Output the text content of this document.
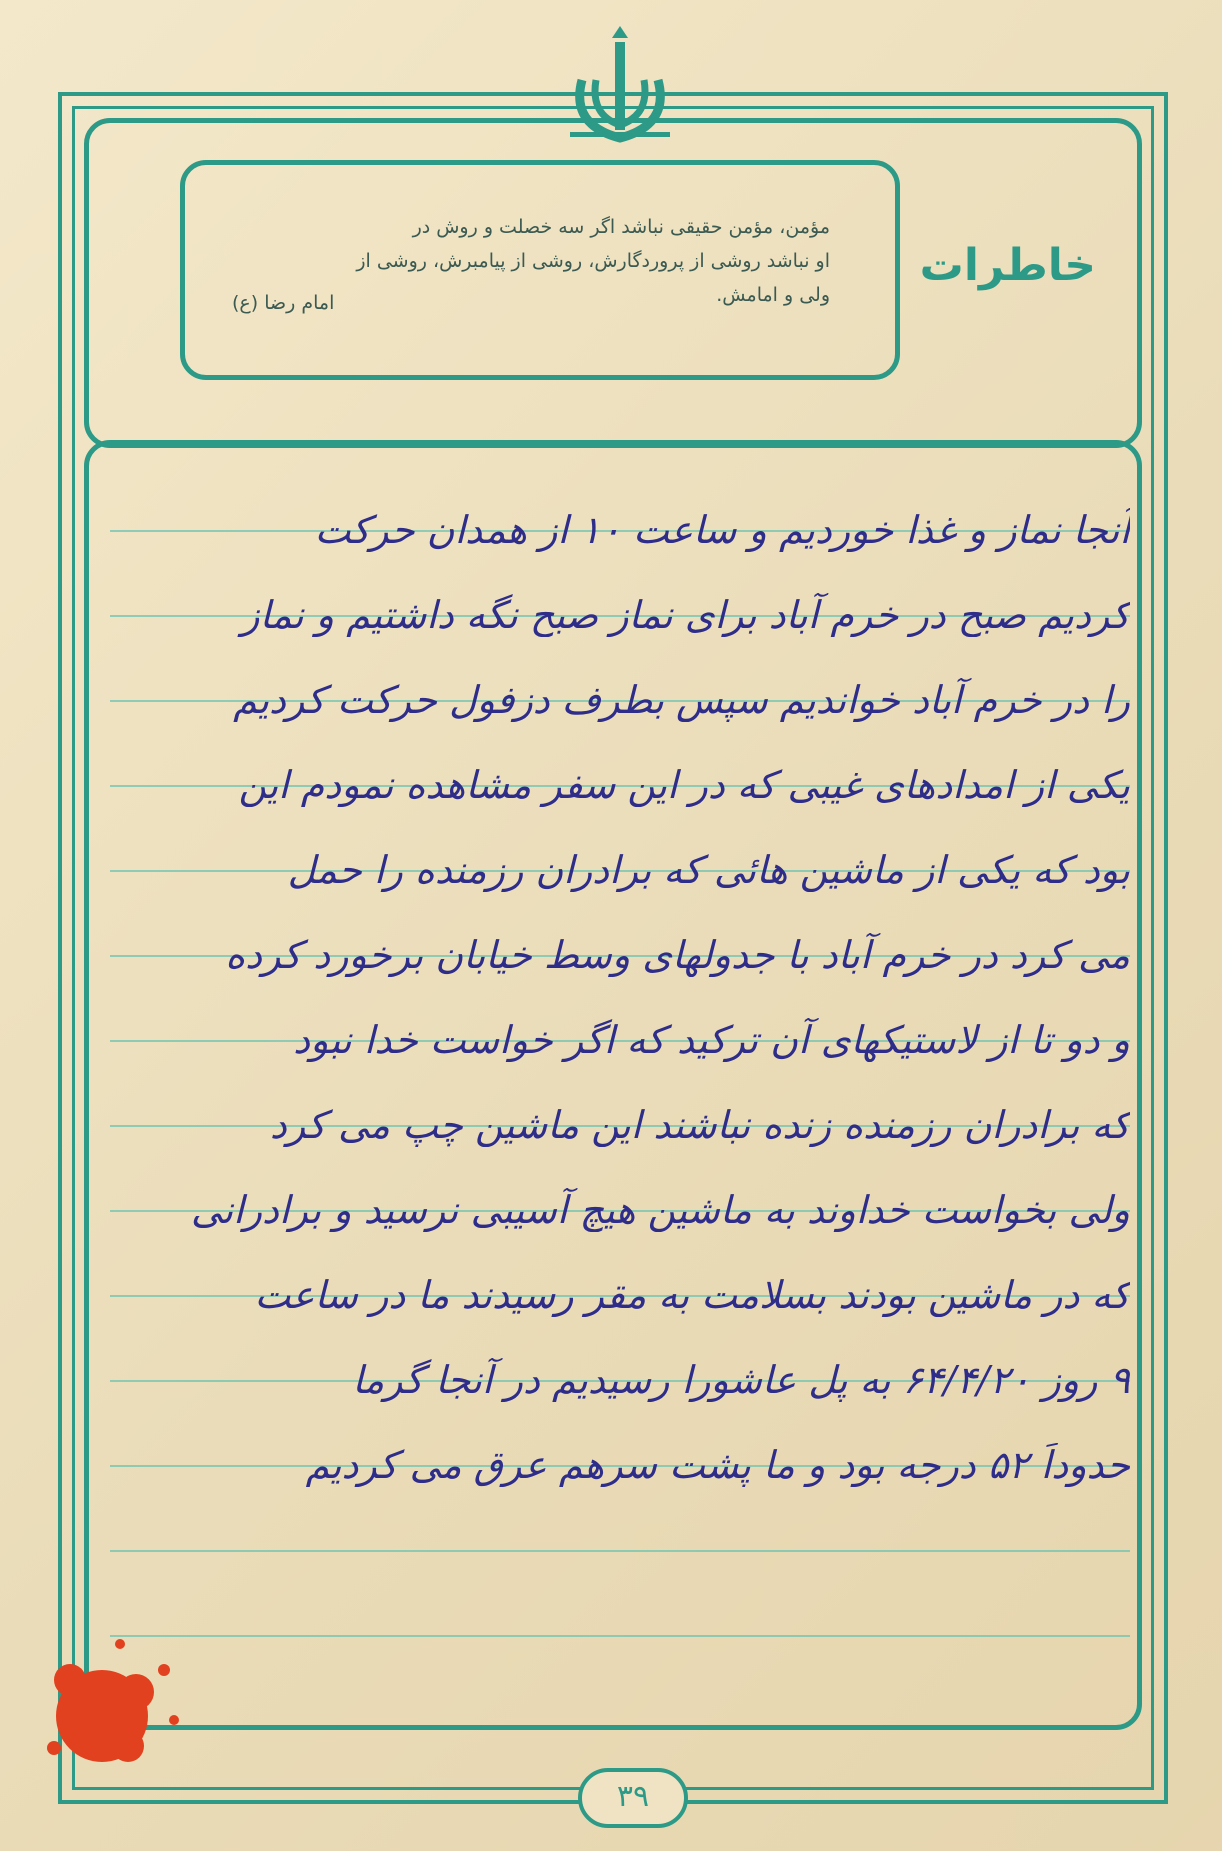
مؤمن، مؤمن حقیقی نباشد اگر سه خصلت و روش در

او نباشد روشی از پروردگارش، روشی از پیامبرش، روشی از

ولی و امامش.

امام رضا (ع)
خاطرات
آنجا نماز و غذا خوردیم و ساعت ۱۰ از همدان حرکت
کردیم صبح در خرم آباد برای نماز صبح نگه داشتیم و نماز
را در خرم آباد خواندیم سپس بطرف دزفول حرکت کردیم
یکی از امدادهای غیبی که در این سفر مشاهده نمودم این
بود که یکی از ماشین هائی که برادران رزمنده را حمل
می کرد در خرم آباد با جدولهای وسط خیابان برخورد کرده
و دو تا از لاستیکهای آن ترکید که اگر خواست خدا نبود
که برادران رزمنده زنده نباشند این ماشین چپ می کرد
ولی بخواست خداوند به ماشین هیچ آسیبی نرسید و برادرانی
که در ماشین بودند بسلامت به مقر رسیدند ما در ساعت
۹ روز ۶۴/۴/۲۰ به پل عاشورا رسیدیم در آنجا گرما
حدوداً ۵۲ درجه بود و ما پشت سرهم عرق می کردیم
۳۹
